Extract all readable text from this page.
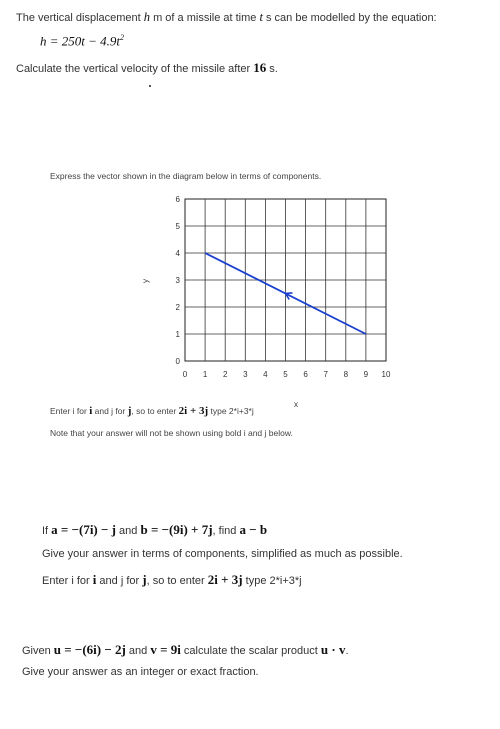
The vertical displacement h m of a missile at time t s can be modelled by the equation:
$h = 250t - 4.9t^2$
Calculate the vertical velocity of the missile after 16 s.
Express the vector shown in the diagram below in terms of components.
0 1 2 3 4 5 6 7 8 9 10
0
1
2
3
4
5
6
x
y
Enter i for i and j for j, so to enter 2i + 3j type 2*i+3*j
Note that your answer will not be shown using bold i and j below.
If a = −(7i) − j and b = −(9i) + 7j, find a − b
Give your answer in terms of components, simplified as much as possible.
Enter i for i and j for j, so to enter 2i + 3j type 2*i+3*j
Given u = −(6i) − 2j and v = 9i calculate the scalar product u · v.
Give your answer as an integer or exact fraction.
